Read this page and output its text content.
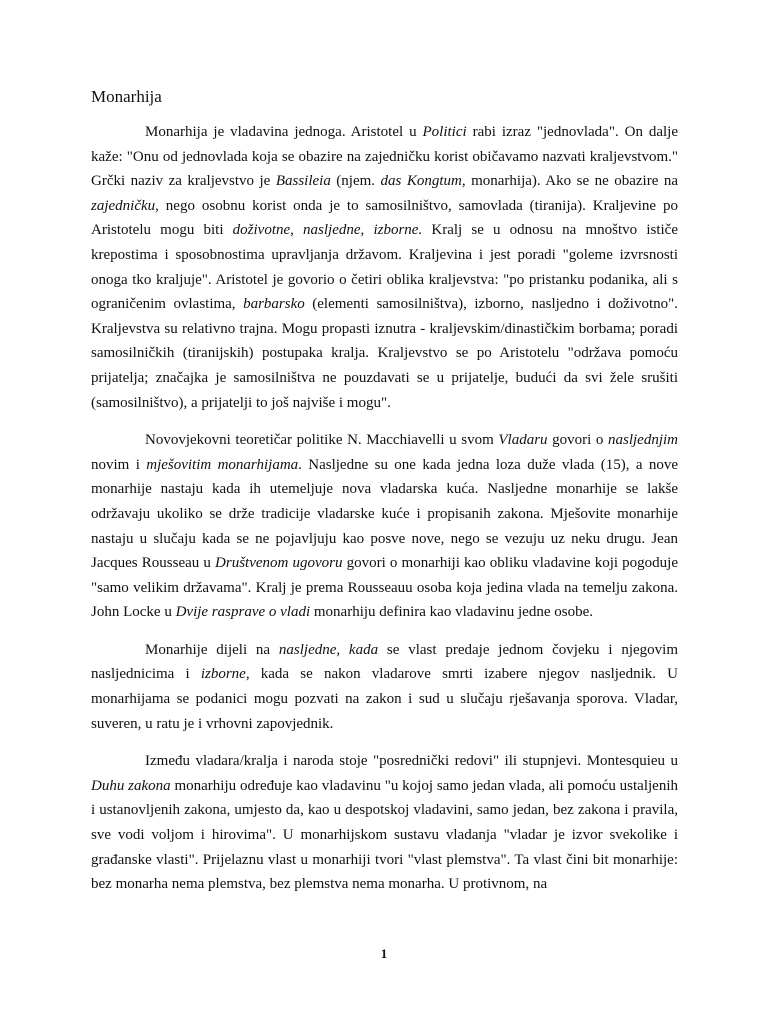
Monarhija

Monarhija je vladavina jednoga. Aristotel u Politici rabi izraz "jednovlada". On dalje kaže: "Onu od jednovlada koja se obazire na zajedničku korist običavamo nazvati kraljevstvom." Grčki naziv za kraljevstvo je Bassileia (njem. das Kongtum, monarhija). Ako se ne obazire na zajedničku, nego osobnu korist onda je to samosilništvo, samovlada (tiranija). Kraljevine po Aristotelu mogu biti doživotne, nasljedne, izborne. Kralj se u odnosu na mnoštvo ističe krepostima i sposobnostima upravljanja državom. Kraljevina i jest poradi "goleme izvrsnosti onoga tko kraljuje". Aristotel je govorio o četiri oblika kraljevstva: "po pristanku podanika, ali s ograničenim ovlastima, barbarsko (elementi samosilništva), izborno, nasljedno i doživotno". Kraljevstva su relativno trajna. Mogu propasti iznutra - kraljevskim/dinastičkim borbama; poradi samosilničkih (tiranijskih) postupaka kralja. Kraljevstvo se po Aristotelu "održava pomoću prijatelja; značajka je samosilništva ne pouzdavati se u prijatelje, budući da svi žele srušiti (samosilništvo), a prijatelji to još najviše i mogu".

Novovjekovni teoretičar politike N. Macchiavelli u svom Vladaru govori o nasljednjim novim i mješovitim monarhijama. Nasljedne su one kada jedna loza duže vlada (15), a nove monarhije nastaju kada ih utemeljuje nova vladarska kuća. Nasljedne monarhije se lakše održavaju ukoliko se drže tradicije vladarske kuće i propisanih zakona. Mješovite monarhije nastaju u slučaju kada se ne pojavljuju kao posve nove, nego se vezuju uz neku drugu. Jean Jacques Rousseau u Društvenom ugovoru govori o monarhiji kao obliku vladavine koji pogoduje "samo velikim državama". Kralj je prema Rousseauu osoba koja jedina vlada na temelju zakona. John Locke u Dvije rasprave o vladi monarhiju definira kao vladavinu jedne osobe.

Monarhije dijeli na nasljedne, kada se vlast predaje jednom čovjeku i njegovim nasljednicima i izborne, kada se nakon vladarove smrti izabere njegov nasljednik. U monarhijama se podanici mogu pozvati na zakon i sud u slučaju rješavanja sporova. Vladar, suveren, u ratu je i vrhovni zapovjednik.

Između vladara/kralja i naroda stoje "posrednički redovi" ili stupnjevi. Montesquieu u Duhu zakona monarhiju određuje kao vladavinu "u kojoj samo jedan vlada, ali pomoću ustaljenih i ustanovljenih zakona, umjesto da, kao u despotskoj vladavini, samo jedan, bez zakona i pravila, sve vodi voljom i hirovima". U monarhijskom sustavu vladanja "vladar je izvor svekolike i građanske vlasti". Prijelaznu vlast u monarhiji tvori "vlast plemstva". Ta vlast čini bit monarhije: bez monarha nema plemstva, bez plemstva nema monarha. U protivnom, na

1
